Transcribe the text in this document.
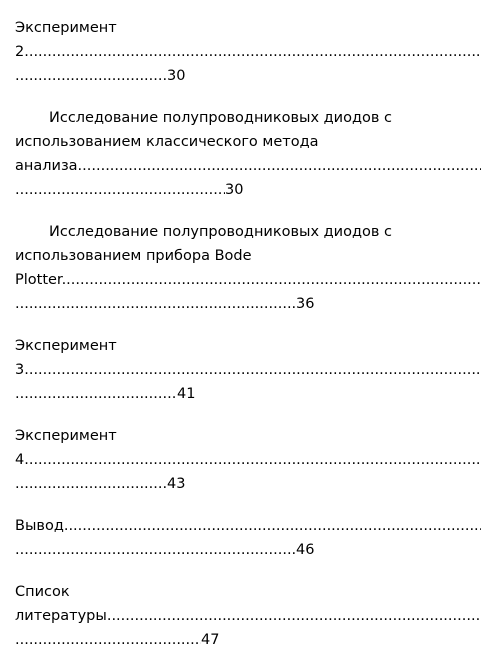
Эксперимент
2 .....
.....30
Исследование полупроводниковых диодов с
использованием классического метода
анализа .....
.....30
Исследование полупроводниковых диодов с
использованием прибора Bode
Plotter .....
.....36
Эксперимент
3 .....
.....41
Эксперимент
4 .....
.....43
Вывод .....
.....46
Список
литературы .....
.....47
